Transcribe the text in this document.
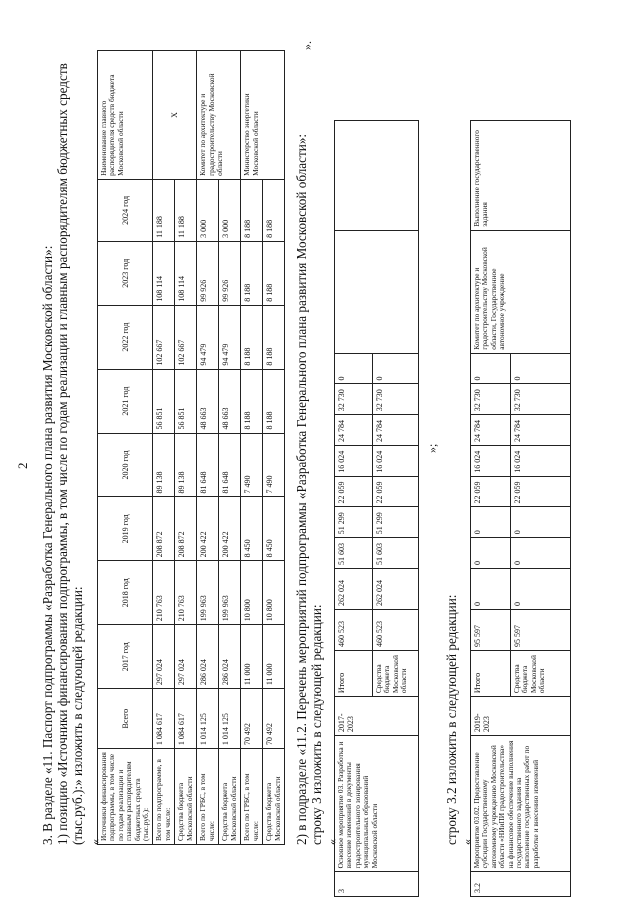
2 3. В разделе «11. Паспорт подпрограммы «Разработка Генерального плана развития Московской области»: 1) позицию «Источники финансирования подпрограммы, в том числе по годам реализации и главным распорядителям бюджетных средств (тыс.руб.):» изложить в следующей редакции: «
Источники финансирования подпрограммы, в том числе по годам реализации и главным распорядителям бюджетных средств (тыс.руб.):	Всего	2017 год	2018 год	2019 год	2020 год	2021 год	2022 год	2023 год	2024 год	Наименование главного распорядителя средств бюджета Московской области
Всего по подпрограмме, в том числе:	1 084 617	297 024	210 763	208 872	89 138	56 851	102 667	108 114	11 188	X
Средства бюджета Московской области	1 084 617	297 024	210 763	208 872	89 138	56 851	102 667	108 114	11 188	
Всего по ГРБС, в том числе:	1 014 125	286 024	199 963	200 422	81 648	48 663	94 479	99 926	3 000	Комитет по архитектуре и градостроительству Московской области
Средства бюджета Московской области	1 014 125	286 024	199 963	200 422	81 648	48 663	94 479	99 926	3 000	
Всего по ГРБС, в том числе:	70 492	11 000	10 800	8 450	7 490	8 188	8 188	8 188	8 188	Министерство энергетики Московской области
Средства бюджета Московской области	70 492	11 000	10 800	8 450	7 490	8 188	8 188	8 188	8 188	
».

2) в подразделе «11.2. Перечень мероприятий подпрограммы «Разработка Генерального плана развития Московской области»: строку 3 изложить в следующей редакции: «
3	Основное мероприятие 03. Разработка и внесение изменений в документы градостроительного зонирования муниципальных образований Московской области	2017-2023	Итого	460 523	262 024	51 603	51 299	22 059	16 024	24 784	32 730	0		
			Средства бюджета Московской области	460 523	262 024	51 603	51 299	22 059	16 024	24 784	32 730	0		
»;

строку 3.2 изложить в следующей редакции: «
3.2	Мероприятие 03.02. Предоставление субсидии Государственному автономному учреждению Московской области «НИиПИ градостроительства» на финансовое обеспечение выполнения государственного задания на выполнение государственных работ по разработке и внесению изменений	2019-2023	Итого	95 597	0	0	0	22 059	16 024	24 784	32 730	0	Комитет по архитектуре и градостроительству Московской области, Государственное автономное учреждение	Выполнение государственного задания
			Средства бюджета Московской области	95 597	0	0	0	22 059	16 024	24 784	32 730	0		
